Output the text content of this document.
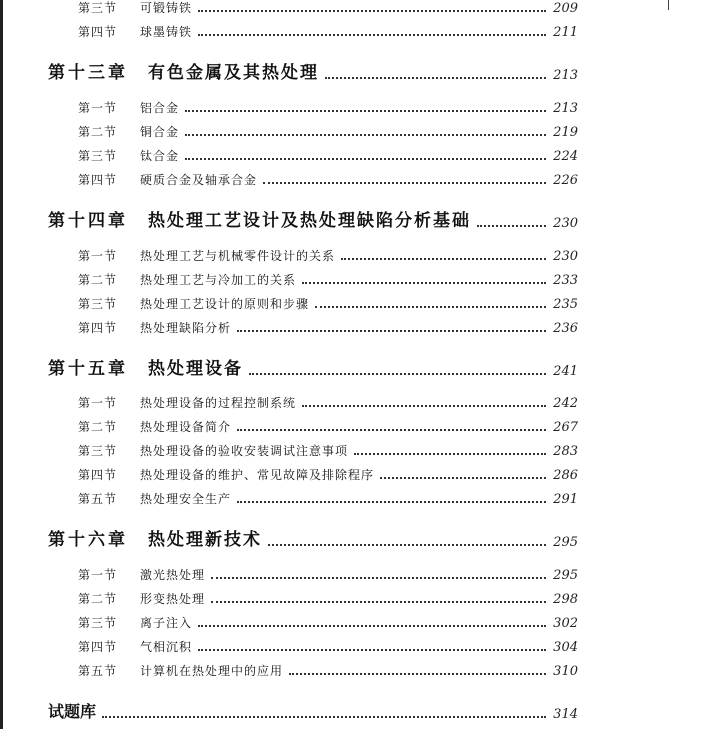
第三节	可锻铸铁	209
第四节	球墨铸铁	211
第十三章	有色金属及其热处理	213
第一节	铝合金	213
第二节	铜合金	219
第三节	钛合金	224
第四节	硬质合金及轴承合金	226
第十四章	热处理工艺设计及热处理缺陷分析基础	230
第一节	热处理工艺与机械零件设计的关系	230
第二节	热处理工艺与冷加工的关系	233
第三节	热处理工艺设计的原则和步骤	235
第四节	热处理缺陷分析	236
第十五章	热处理设备	241
第一节	热处理设备的过程控制系统	242
第二节	热处理设备简介	267
第三节	热处理设备的验收安装调试注意事项	283
第四节	热处理设备的维护、常见故障及排除程序	286
第五节	热处理安全生产	291
第十六章	热处理新技术	295
第一节	激光热处理	295
第二节	形变热处理	298
第三节	离子注入	302
第四节	气相沉积	304
第五节	计算机在热处理中的应用	310
试题库	314
